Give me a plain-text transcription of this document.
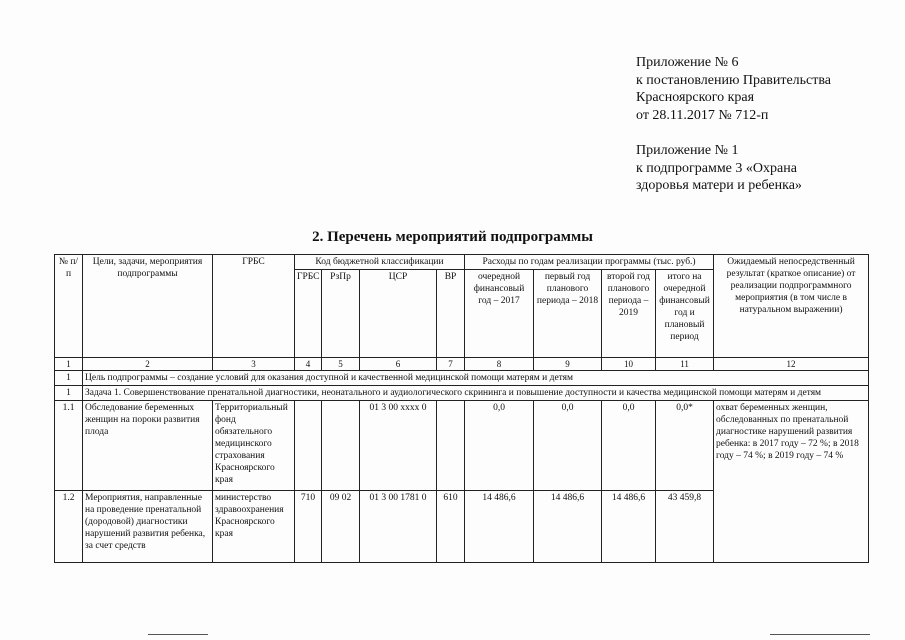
Приложение № 6
к постановлению Правительства
Красноярского края
от 28.11.2017 № 712-п
Приложение № 1
к подпрограмме 3 «Охрана
здоровья матери и ребенка»
2. Перечень мероприятий подпрограммы
№ п/п	Цели, задачи, мероприятия подпрограммы	ГРБС	Код бюджетной классификации				Расходы по годам реализации программы (тыс. руб.)				Ожидаемый непосредственный результат (краткое описание) от реализации подпрограммного мероприятия (в том числе в натуральном выражении)
			ГРБС	РзПр	ЦСР	ВР	очередной финансовый год – 2017	первый год планового периода – 2018	второй год планового периода – 2019	итого на очередной финансовый год и плановый период	
1	2	3	4	5	6	7	8	9	10	11	12
1	Цель подпрограммы – создание условий для оказания доступной и качественной медицинской помощи матерям и детям										
1	Задача 1. Совершенствование пренатальной диагностики, неонатального и аудиологического скрининга и повышение доступности и качества медицинской помощи матерям и детям										
1.1	Обследование беременных женщин на пороки развития плода	Территориальный фонд обязательного медицинского страхования Красноярского края			01 3 00 хххх 0		0,0	0,0	0,0	0,0*	охват беременных женщин, обследованных по пренатальной диагностике нарушений развития ребенка: в 2017 году – 72 %; в 2018 году – 74 %; в 2019 году – 74 %
1.2	Мероприятия, направленные на проведение пренатальной (дородовой) диагностики нарушений развития ребенка, за счет средств	министерство здравоохранения Красноярского края	710	09 02	01 3 00 1781 0	610	14 486,6	14 486,6	14 486,6	43 459,8	
